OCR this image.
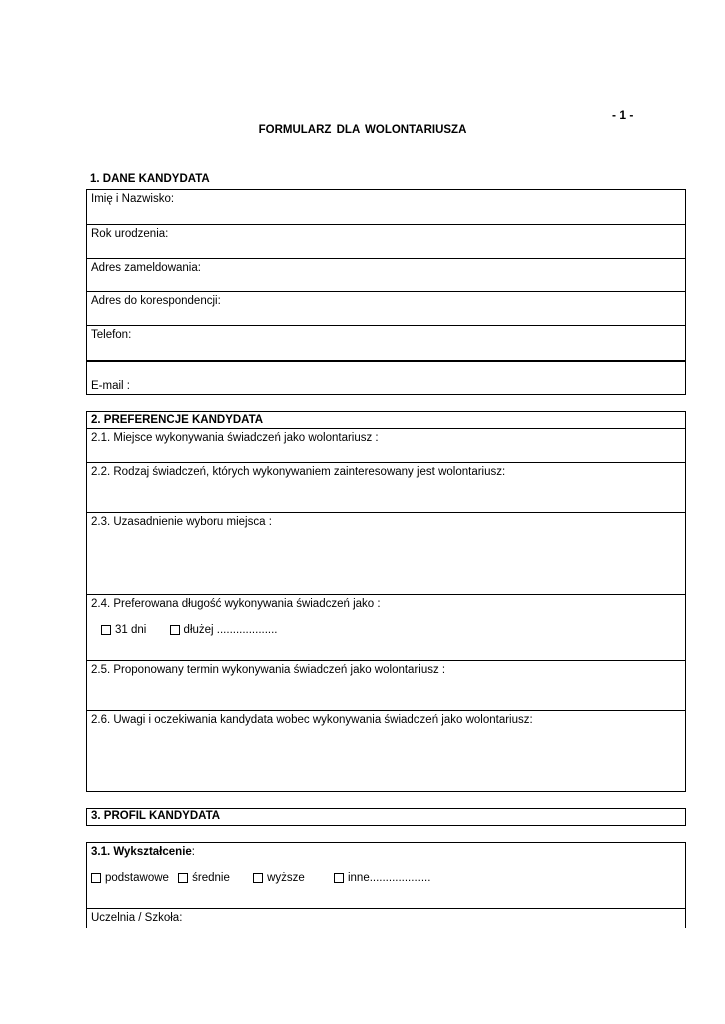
- 1 -
FORMULARZ DLA WOLONTARIUSZA
1. DANE KANDYDATA
Imię i Nazwisko:
Rok urodzenia:
Adres zameldowania:
Adres do korespondencji:
Telefon:
E-mail :
2. PREFERENCJE KANDYDATA
2.1. Miejsce wykonywania świadczeń jako wolontariusz :
2.2. Rodzaj świadczeń, których wykonywaniem zainteresowany jest wolontariusz:
2.3. Uzasadnienie wyboru miejsca :
2.4. Preferowana długość wykonywania świadczeń jako :
31 dni
	dłużej ...................
2.5. Proponowany termin wykonywania świadczeń jako wolontariusz :
2.6. Uwagi i oczekiwania kandydata wobec wykonywania świadczeń jako wolontariusz:
3. PROFIL KANDYDATA
3.1. Wykształcenie:
podstawowe
średnie
	wyższe
	inne...................
Uczelnia / Szkoła:
